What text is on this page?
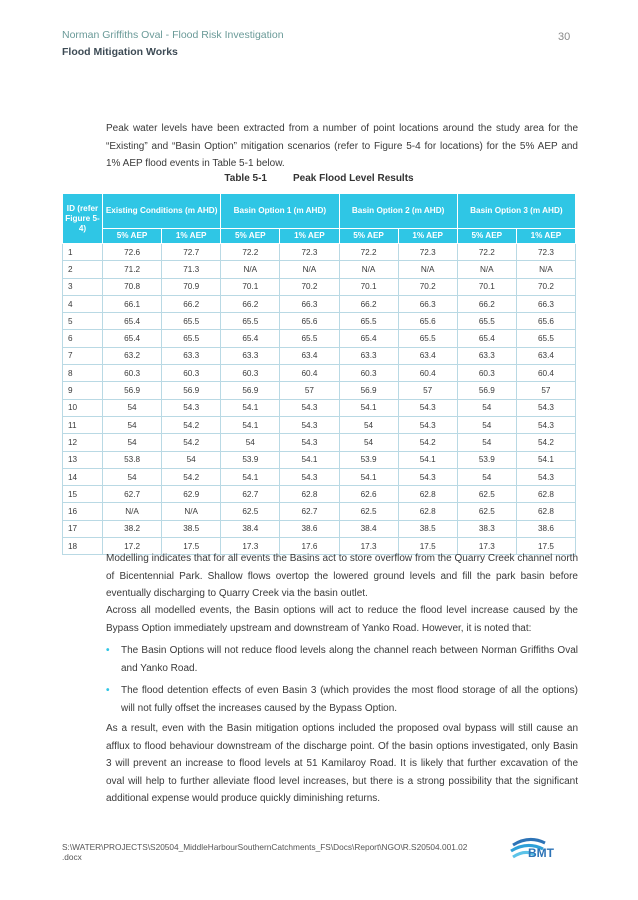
Norman Griffiths Oval - Flood Risk Investigation
Flood Mitigation Works
30
Peak water levels have been extracted from a number of point locations around the study area for the “Existing” and “Basin Option” mitigation scenarios (refer to Figure 5-4 for locations) for the 5% AEP and 1% AEP flood events in Table 5-1 below.
Table 5-1	Peak Flood Level Results
ID (refer Figure 5-4)	Existing Conditions (m AHD)		Basin Option 1 (m AHD)		Basin Option 2 (m AHD)		Basin Option 3 (m AHD)	
	5% AEP	1% AEP	5% AEP	1% AEP	5% AEP	1% AEP	5% AEP	1% AEP
1	72.6	72.7	72.2	72.3	72.2	72.3	72.2	72.3
2	71.2	71.3	N/A	N/A	N/A	N/A	N/A	N/A
3	70.8	70.9	70.1	70.2	70.1	70.2	70.1	70.2
4	66.1	66.2	66.2	66.3	66.2	66.3	66.2	66.3
5	65.4	65.5	65.5	65.6	65.5	65.6	65.5	65.6
6	65.4	65.5	65.4	65.5	65.4	65.5	65.4	65.5
7	63.2	63.3	63.3	63.4	63.3	63.4	63.3	63.4
8	60.3	60.3	60.3	60.4	60.3	60.4	60.3	60.4
9	56.9	56.9	56.9	57	56.9	57	56.9	57
10	54	54.3	54.1	54.3	54.1	54.3	54	54.3
11	54	54.2	54.1	54.3	54	54.3	54	54.3
12	54	54.2	54	54.3	54	54.2	54	54.2
13	53.8	54	53.9	54.1	53.9	54.1	53.9	54.1
14	54	54.2	54.1	54.3	54.1	54.3	54	54.3
15	62.7	62.9	62.7	62.8	62.6	62.8	62.5	62.8
16	N/A	N/A	62.5	62.7	62.5	62.8	62.5	62.8
17	38.2	38.5	38.4	38.6	38.4	38.5	38.3	38.6
18	17.2	17.5	17.3	17.6	17.3	17.5	17.3	17.5
Modelling indicates that for all events the Basins act to store overflow from the Quarry Creek channel north of Bicentennial Park. Shallow flows overtop the lowered ground levels and fill the park basin before eventually discharging to Quarry Creek via the basin outlet.
Across all modelled events, the Basin options will act to reduce the flood level increase caused by the Bypass Option immediately upstream and downstream of Yanko Road. However, it is noted that:
• The Basin Options will not reduce flood levels along the channel reach between Norman Griffiths Oval and Yanko Road.
• The flood detention effects of even Basin 3 (which provides the most flood storage of all the options) will not fully offset the increases caused by the Bypass Option.
As a result, even with the Basin mitigation options included the proposed oval bypass will still cause an afflux to flood behaviour downstream of the discharge point. Of the basin options investigated, only Basin 3 will prevent an increase to flood levels at 51 Kamilaroy Road. It is likely that further excavation of the oval will help to further alleviate flood level increases, but there is a strong possibility that the significant additional expense would produce quickly diminishing returns.
S:\WATER\PROJECTS\S20504_MiddleHarbourSouthernCatchments_FS\Docs\Report\NGO\R.S20504.001.02
.docx	BMT
